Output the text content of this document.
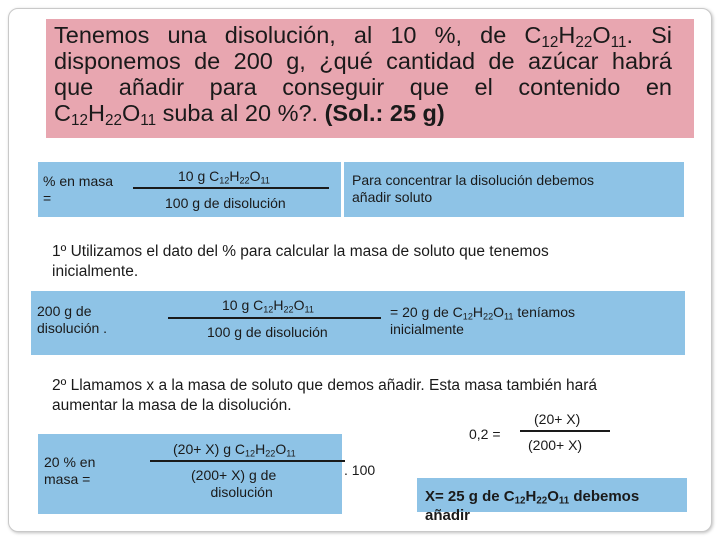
Tenemos una disolución, al 10 %, de $C_{12}H_{22}O_{11}$. Si
disponemos de 200 g, ¿qué cantidad de azúcar habrá
que añadir para conseguir que el contenido en
$C_{12}H_{22}O_{11}$ suba al 20 %?. (Sol.: 25 g)
% en masa
=
10 g $C_{12}H_{22}O_{11}$
100 g de disolución
Para concentrar la disolución debemos
añadir soluto
1º Utilizamos el dato del % para calcular la masa de soluto que tenemos
inicialmente.
200 g de
disolución .
10 g $C_{12}H_{22}O_{11}$
100 g de disolución
= 20 g de $C_{12}H_{22}O_{11}$ teníamos
inicialmente
2º Llamamos x a la masa de soluto que demos añadir. Esta masa también hará
aumentar la masa de la disolución.
(20+ X)
0,2 =
(200+ X)
20 % en
masa =
(20+ X) g $C_{12}H_{22}O_{11}$
(200+ X) g de
disolución
. 100
X= 25 g de $C_{12}H_{22}O_{11}$ debemos
añadir
